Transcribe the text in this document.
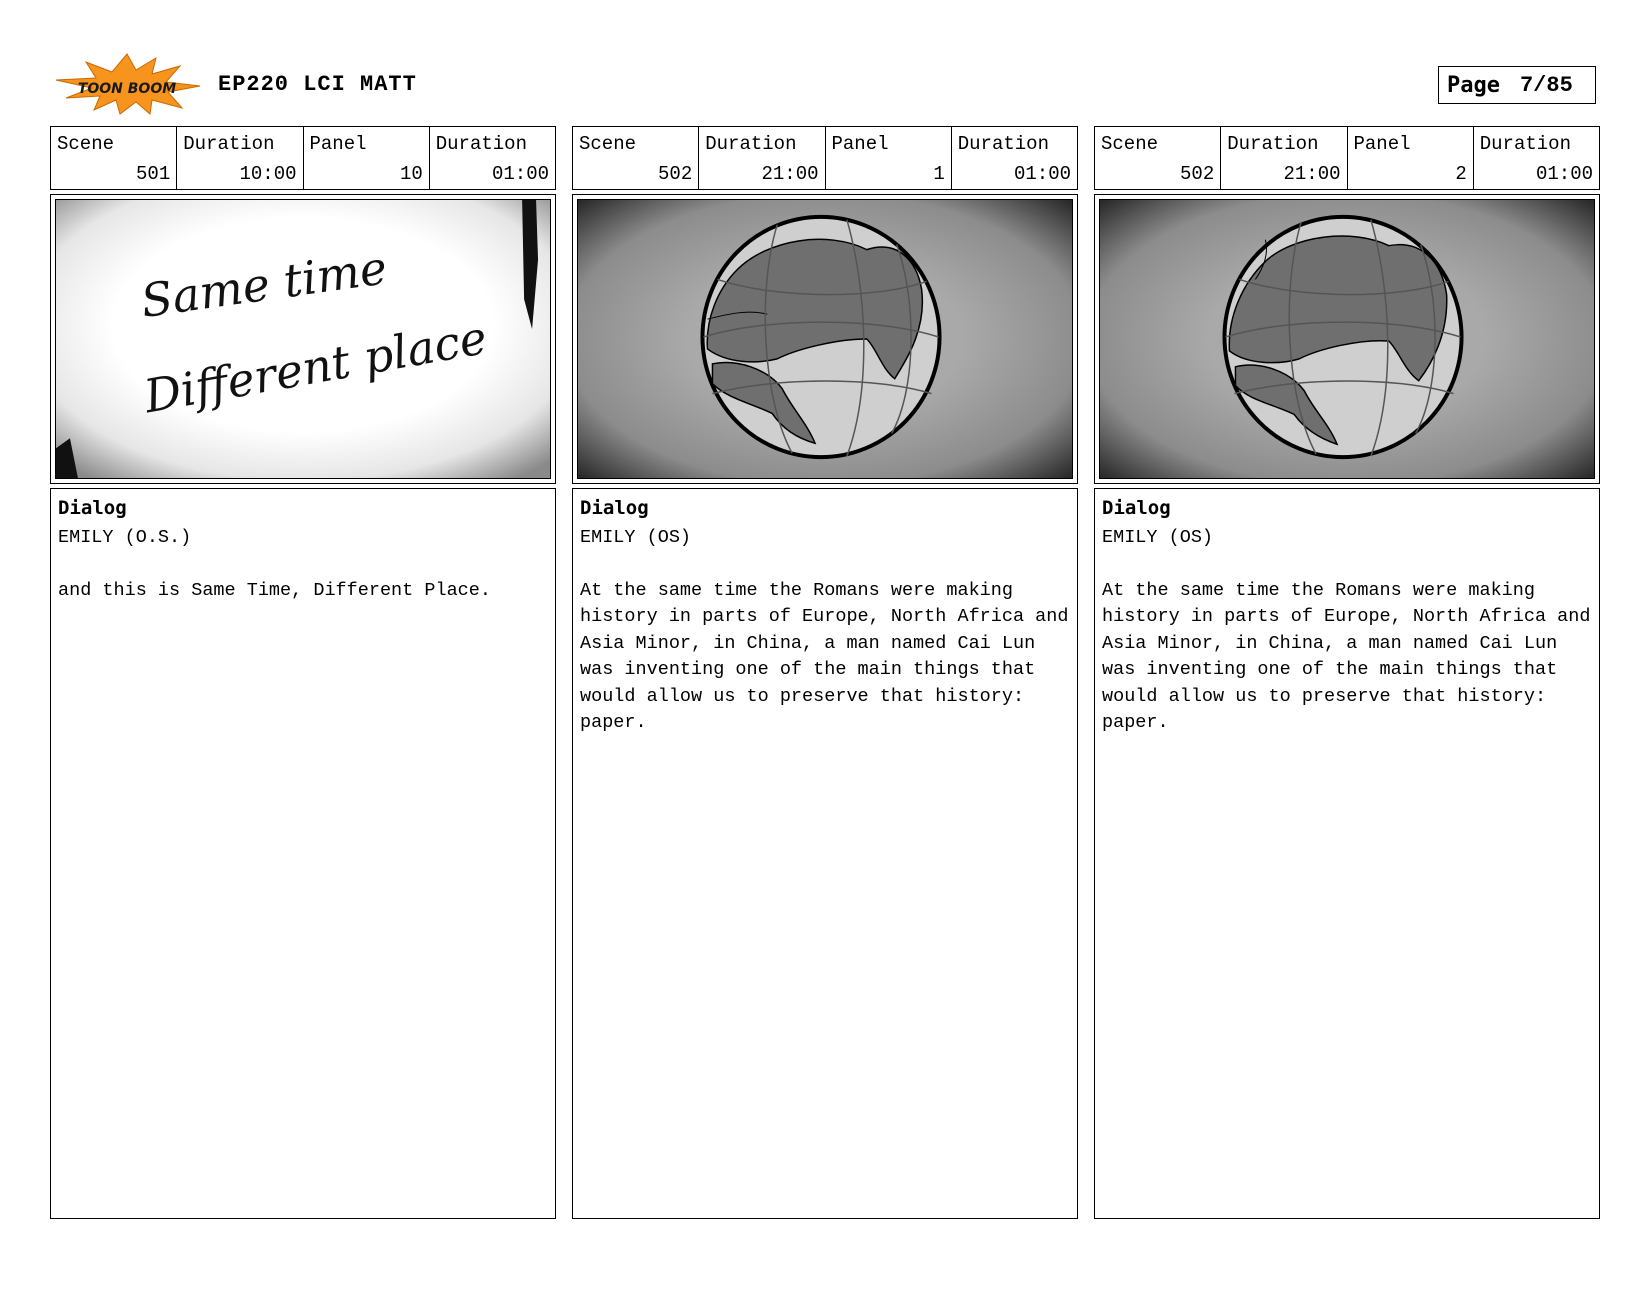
TOON BOOM EP220 LCI MATT	Page 7/85
Scene
501
Duration
10:00
Panel
10
Duration
01:00
Same time
Different place
Dialog
EMILY (O.S.)
and this is Same Time, Different Place.
Scene
502
Duration
21:00
Panel
1
Duration
01:00
Dialog
EMILY (OS)
At the same time the Romans were making history in parts of Europe, North Africa and Asia Minor, in China, a man named Cai Lun was inventing one of the main things that would allow us to preserve that history: paper.
Scene
502
Duration
21:00
Panel
2
Duration
01:00
Dialog
EMILY (OS)
At the same time the Romans were making history in parts of Europe, North Africa and Asia Minor, in China, a man named Cai Lun was inventing one of the main things that would allow us to preserve that history: paper.
